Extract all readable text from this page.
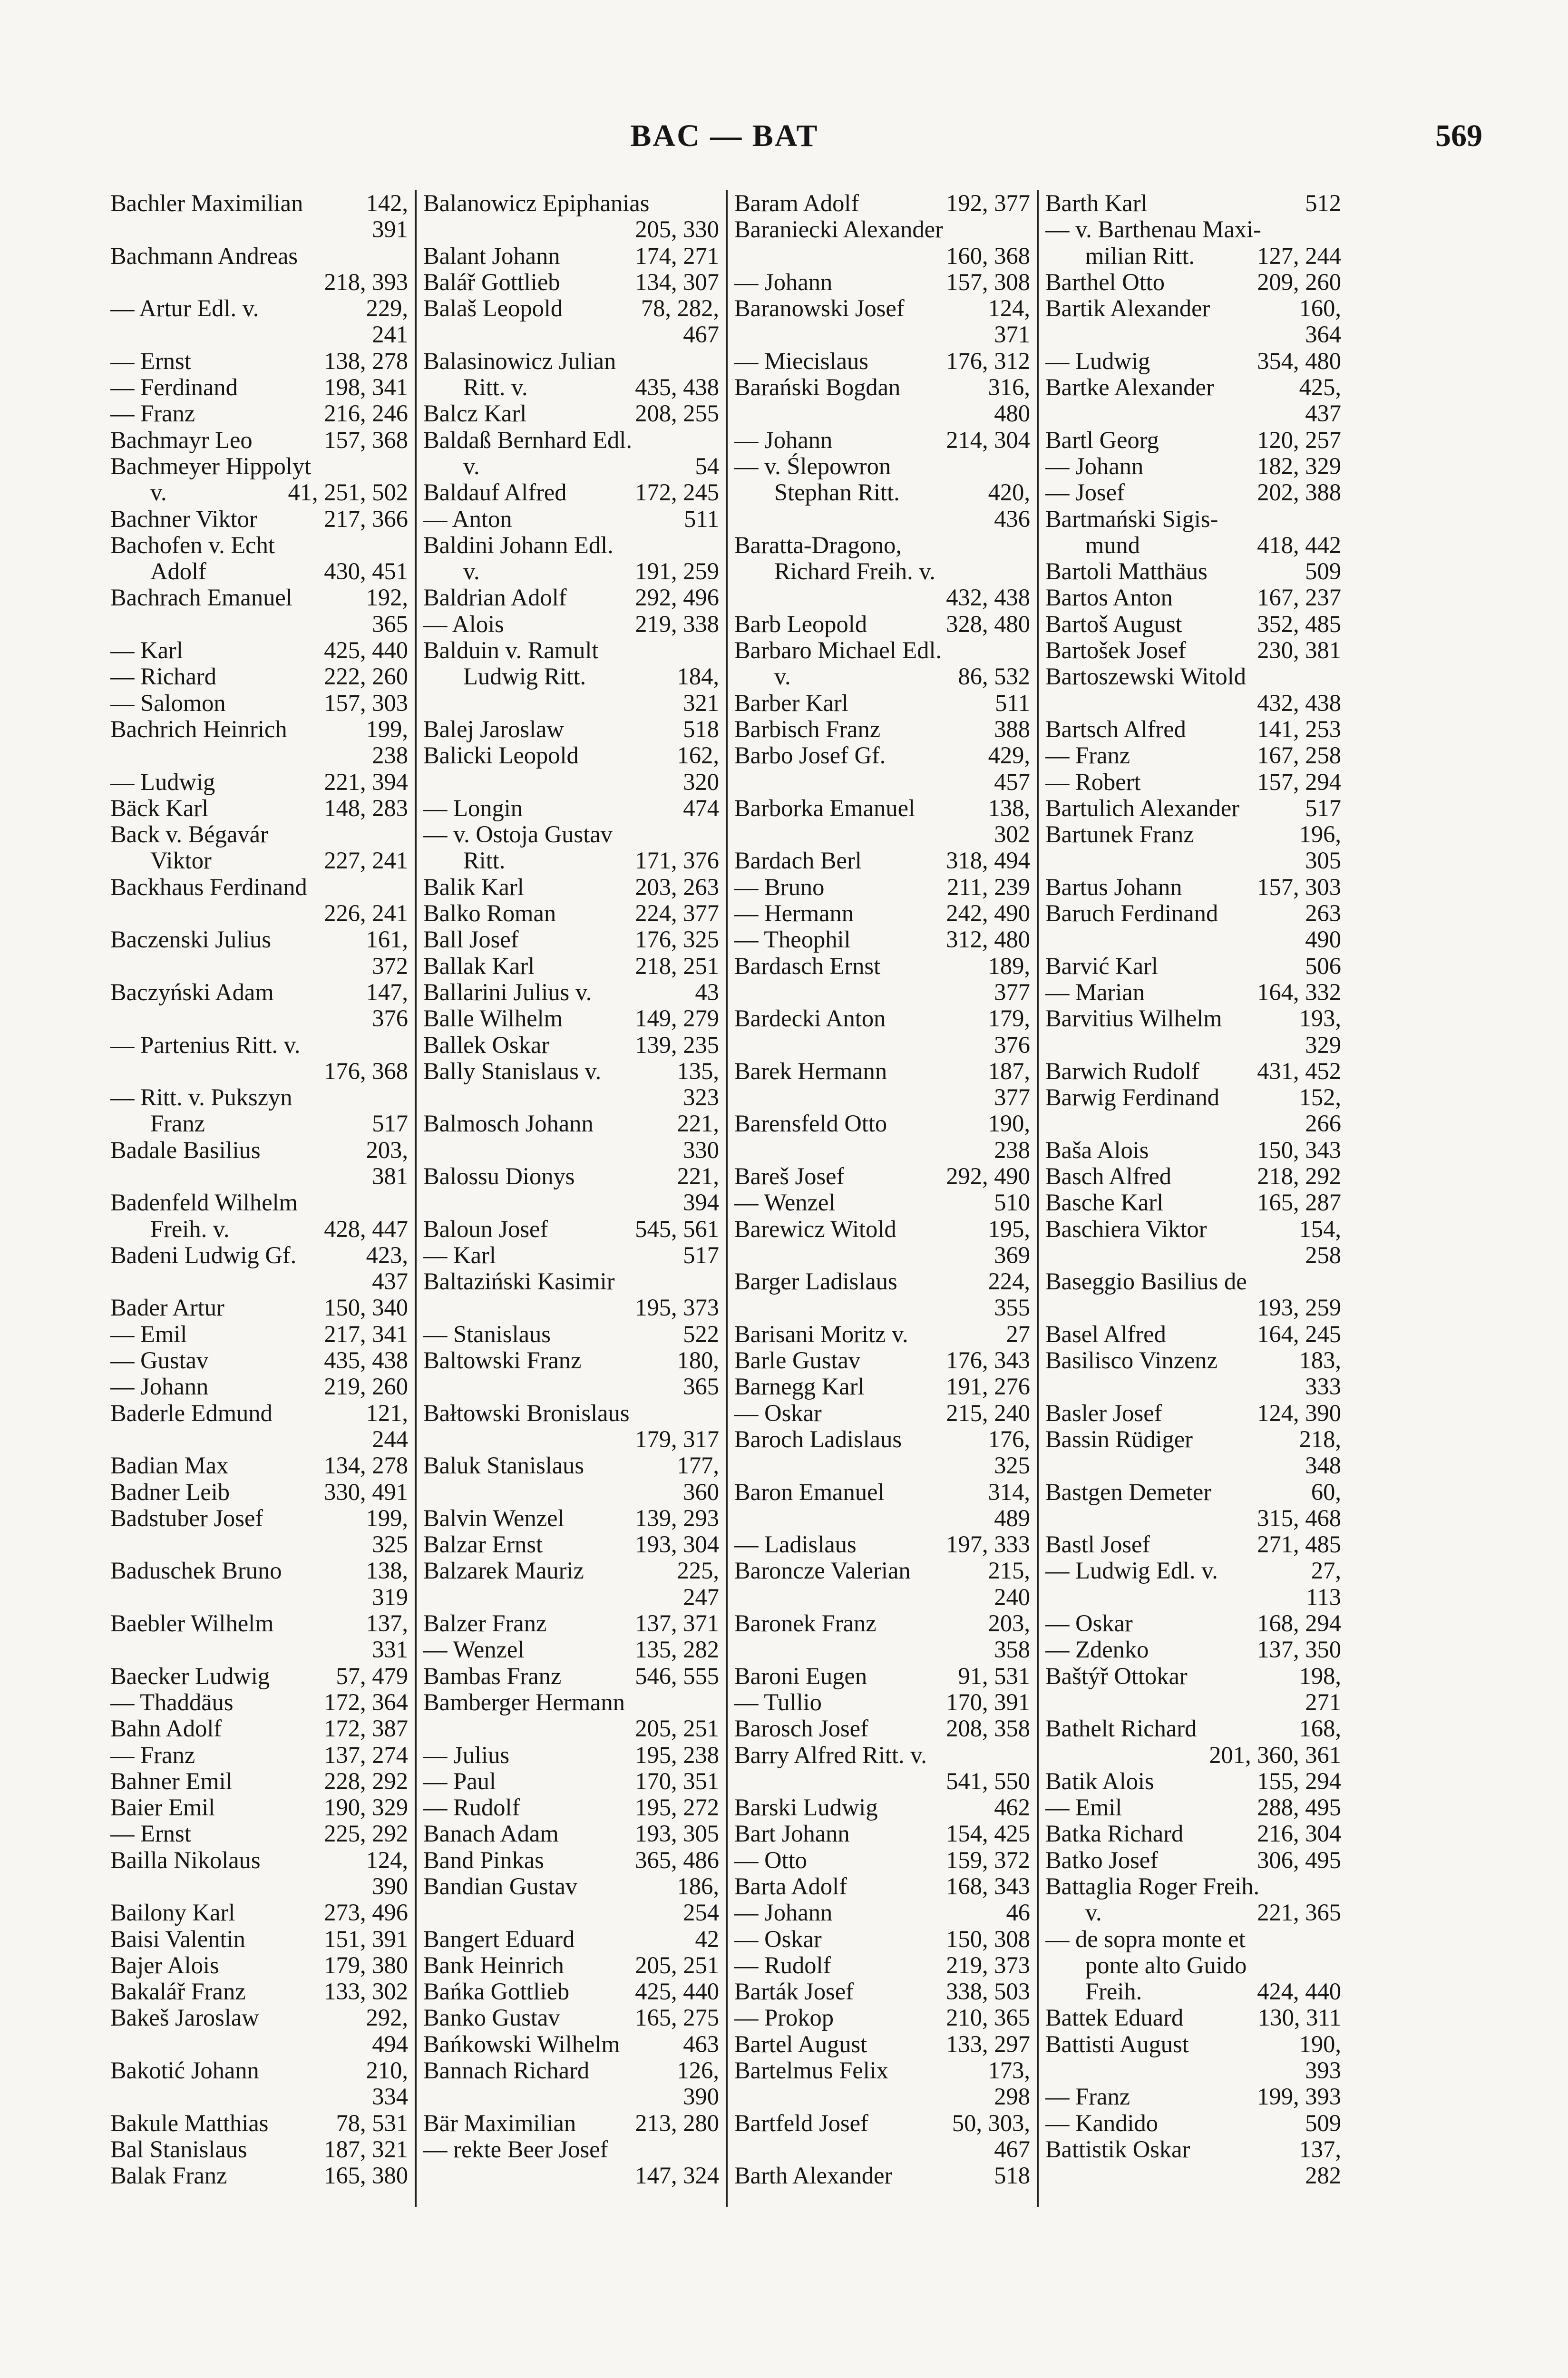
BAC — BAT	569
Bachler Maximilian	142,
391
Bachmann Andreas
218, 393
— Artur Edl. v.	229,
241
— Ernst	138, 278
— Ferdinand	198, 341
— Franz	216, 246
Bachmayr Leo	157, 368
Bachmeyer Hippolyt
v.	41, 251, 502
Bachner Viktor	217, 366
Bachofen v. Echt
Adolf	430, 451
Bachrach Emanuel	192,
365
— Karl	425, 440
— Richard	222, 260
— Salomon	157, 303
Bachrich Heinrich	199,
238
— Ludwig	221, 394
Bäck Karl	148, 283
Back v. Bégavár
Viktor	227, 241
Backhaus Ferdinand
226, 241
Baczenski Julius	161,
372
Baczyński Adam	147,
376
— Partenius Ritt. v.
176, 368
— Ritt. v. Pukszyn
Franz	517
Badale Basilius	203,
381
Badenfeld Wilhelm
Freih. v.	428, 447
Badeni Ludwig Gf.	423,
437
Bader Artur	150, 340
— Emil	217, 341
— Gustav	435, 438
— Johann	219, 260
Baderle Edmund	121,
244
Badian Max	134, 278
Badner Leib	330, 491
Badstuber Josef	199,
325
Baduschek Bruno	138,
319
Baebler Wilhelm	137,
331
Baecker Ludwig	57, 479
— Thaddäus	172, 364
Bahn Adolf	172, 387
— Franz	137, 274
Bahner Emil	228, 292
Baier Emil	190, 329
— Ernst	225, 292
Bailla Nikolaus	124,
390
Bailony Karl	273, 496
Baisi Valentin	151, 391
Bajer Alois	179, 380
Bakalář Franz	133, 302
Bakeš Jaroslaw	292,
494
Bakotić Johann	210,
334
Bakule Matthias	78, 531
Bal Stanislaus	187, 321
Balak Franz	165, 380
Balanowicz Epiphanias
205, 330
Balant Johann	174, 271
Balář Gottlieb	134, 307
Balaš Leopold	78, 282,
467
Balasinowicz Julian
Ritt. v.	435, 438
Balcz Karl	208, 255
Baldaß Bernhard Edl.
v.	54
Baldauf Alfred	172, 245
— Anton	511
Baldini Johann Edl.
v.	191, 259
Baldrian Adolf	292, 496
— Alois	219, 338
Balduin v. Ramult
Ludwig Ritt.	184,
321
Balej Jaroslaw	518
Balicki Leopold	162,
320
— Longin	474
— v. Ostoja Gustav
Ritt.	171, 376
Balik Karl	203, 263
Balko Roman	224, 377
Ball Josef	176, 325
Ballak Karl	218, 251
Ballarini Julius v.	43
Balle Wilhelm	149, 279
Ballek Oskar	139, 235
Bally Stanislaus v.	135,
323
Balmosch Johann	221,
330
Balossu Dionys	221,
394
Baloun Josef	545, 561
— Karl	517
Baltaziński Kasimir
195, 373
— Stanislaus	522
Baltowski Franz	180,
365
Bałtowski Bronislaus
179, 317
Baluk Stanislaus	177,
360
Balvin Wenzel	139, 293
Balzar Ernst	193, 304
Balzarek Mauriz	225,
247
Balzer Franz	137, 371
— Wenzel	135, 282
Bambas Franz	546, 555
Bamberger Hermann
205, 251
— Julius	195, 238
— Paul	170, 351
— Rudolf	195, 272
Banach Adam	193, 305
Band Pinkas	365, 486
Bandian Gustav	186,
254
Bangert Eduard	42
Bank Heinrich	205, 251
Bańka Gottlieb	425, 440
Banko Gustav	165, 275
Bańkowski Wilhelm	463
Bannach Richard	126,
390
Bär Maximilian 213, 280
— rekte Beer Josef
147, 324
Baram Adolf	192, 377
Baraniecki Alexander
160, 368
— Johann	157, 308
Baranowski Josef	124,
371
— Miecislaus	176, 312
Barański Bogdan	316,
480
— Johann	214, 304
— v. Ślepowron
Stephan Ritt.	420,
436
Baratta-Dragono,
Richard Freih. v.
432, 438
Barb Leopold	328, 480
Barbaro Michael Edl.
v.	86, 532
Barber Karl	511
Barbisch Franz	388
Barbo Josef Gf.	429,
457
Barborka Emanuel	138,
302
Bardach Berl	318, 494
— Bruno	211, 239
— Hermann	242, 490
— Theophil	312, 480
Bardasch Ernst	189,
377
Bardecki Anton	179,
376
Barek Hermann	187,
377
Barensfeld Otto	190,
238
Bareš Josef	292, 490
— Wenzel	510
Barewicz Witold	195,
369
Barger Ladislaus	224,
355
Barisani Moritz v.	27
Barle Gustav	176, 343
Barnegg Karl	191, 276
— Oskar	215, 240
Baroch Ladislaus	176,
325
Baron Emanuel	314,
489
— Ladislaus	197, 333
Baroncze Valerian	215,
240
Baronek Franz	203,
358
Baroni Eugen	91, 531
— Tullio	170, 391
Barosch Josef	208, 358
Barry Alfred Ritt. v.
541, 550
Barski Ludwig	462
Bart Johann	154, 425
— Otto	159, 372
Barta Adolf	168, 343
— Johann	46
— Oskar	150, 308
— Rudolf	219, 373
Barták Josef	338, 503
— Prokop	210, 365
Bartel August	133, 297
Bartelmus Felix	173,
298
Bartfeld Josef	50, 303,
467
Barth Alexander	518
Barth Karl	512
— v. Barthenau Maxi-
milian Ritt.	127, 244
Barthel Otto	209, 260
Bartik Alexander	160,
364
— Ludwig	354, 480
Bartke Alexander	425,
437
Bartl Georg	120, 257
— Johann	182, 329
— Josef	202, 388
Bartmański Sigis-
mund	418, 442
Bartoli Matthäus	509
Bartos Anton	167, 237
Bartoš August	352, 485
Bartošek Josef	230, 381
Bartoszewski Witold
432, 438
Bartsch Alfred	141, 253
— Franz	167, 258
— Robert	157, 294
Bartulich Alexander	517
Bartunek Franz	196,
305
Bartus Johann	157, 303
Baruch Ferdinand	263
490
Barvić Karl	506
— Marian	164, 332
Barvitius Wilhelm	193,
329
Barwich Rudolf 431, 452
Barwig Ferdinand	152,
266
Baša Alois	150, 343
Basch Alfred	218, 292
Basche Karl	165, 287
Baschiera Viktor	154,
258
Baseggio Basilius de
193, 259
Basel Alfred	164, 245
Basilisco Vinzenz	183,
333
Basler Josef	124, 390
Bassin Rüdiger	218,
348
Bastgen Demeter	60,
315, 468
Bastl Josef	271, 485
— Ludwig Edl. v.	27,
113
— Oskar	168, 294
— Zdenko	137, 350
Baštýř Ottokar	198,
271
Bathelt Richard	168,
201, 360, 361
Batik Alois	155, 294
— Emil	288, 495
Batka Richard	216, 304
Batko Josef	306, 495
Battaglia Roger Freih.
v.	221, 365
— de sopra monte et
ponte alto Guido
Freih.	424, 440
Battek Eduard	130, 311
Battisti August	190,
393
— Franz	199, 393
— Kandido	509
Battistik Oskar	137,
282
